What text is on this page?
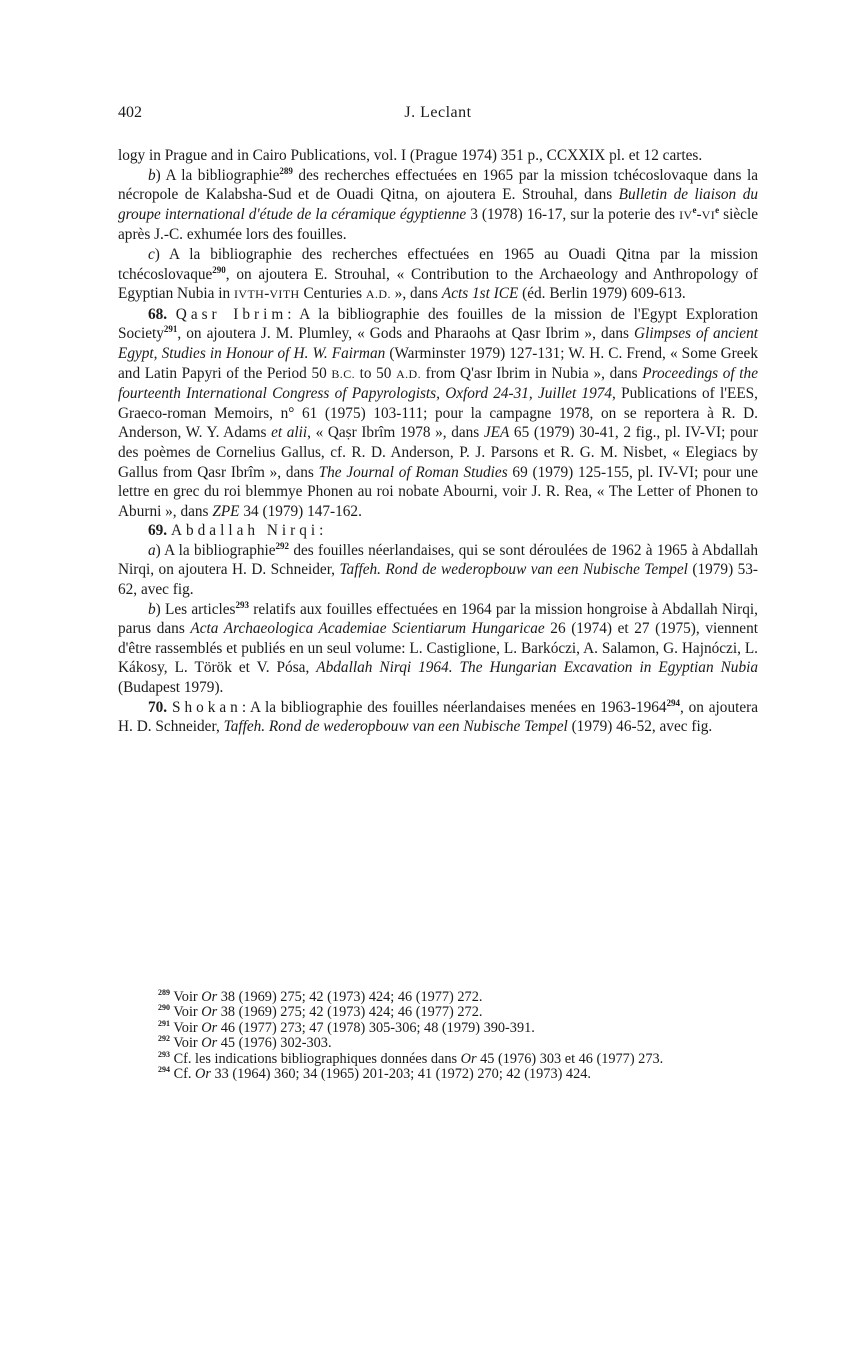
402	J. Leclant

logy in Prague and in Cairo Publications, vol. I (Prague 1974) 351 p., CCXXIX pl. et 12 cartes.

b) A la bibliographie$^{289}$ des recherches effectuées en 1965 par la mission tchécoslovaque dans la nécropole de Kalabsha-Sud et de Ouadi Qitna, on ajoutera E. Strouhal, dans Bulletin de liaison du groupe international d'étude de la céramique égyptienne 3 (1978) 16-17, sur la poterie des IVe-VIe siècle après J.-C. exhumée lors des fouilles.

c) A la bibliographie des recherches effectuées en 1965 au Ouadi Qitna par la mission tchécoslovaque$^{290}$, on ajoutera E. Strouhal, « Contribution to the Archaeology and Anthropology of Egyptian Nubia in IVTH-VITH Centuries A.D. », dans Acts 1st ICE (éd. Berlin 1979) 609-613.

68. Qasr Ibrim: A la bibliographie des fouilles de la mission de l'Egypt Exploration Society$^{291}$, on ajoutera J. M. Plumley, « Gods and Pharaohs at Qasr Ibrim », dans Glimpses of ancient Egypt, Studies in Honour of H. W. Fairman (Warminster 1979) 127-131; W. H. C. Frend, « Some Greek and Latin Papyri of the Period 50 B.C. to 50 A.D. from Q'asr Ibrim in Nubia », dans Proceedings of the fourteenth International Congress of Papyrologists, Oxford 24-31, Juillet 1974, Publications of l'EES, Graeco-roman Memoirs, n° 61 (1975) 103-111; pour la campagne 1978, on se reportera à R. D. Anderson, W. Y. Adams et alii, « Qaṣr Ibrîm 1978 », dans JEA 65 (1979) 30-41, 2 fig., pl. IV-VI; pour des poèmes de Cornelius Gallus, cf. R. D. Anderson, P. J. Parsons et R. G. M. Nisbet, « Elegiacs by Gallus from Qasr Ibrîm », dans The Journal of Roman Studies 69 (1979) 125-155, pl. IV-VI; pour une lettre en grec du roi blemmye Phonen au roi nobate Abourni, voir J. R. Rea, « The Letter of Phonen to Aburni », dans ZPE 34 (1979) 147-162.

69. Abdallah Nirqi:

a) A la bibliographie$^{292}$ des fouilles néerlandaises, qui se sont déroulées de 1962 à 1965 à Abdallah Nirqi, on ajoutera H. D. Schneider, Taffeh. Rond de wederopbouw van een Nubische Tempel (1979) 53-62, avec fig.

b) Les articles$^{293}$ relatifs aux fouilles effectuées en 1964 par la mission hongroise à Abdallah Nirqi, parus dans Acta Archaeologica Academiae Scientiarum Hungaricae 26 (1974) et 27 (1975), viennent d'être rassemblés et publiés en un seul volume: L. Castiglione, L. Barkóczi, A. Salamon, G. Hajnóczi, L. Kákosy, L. Török et V. Pósa, Abdallah Nirqi 1964. The Hungarian Excavation in Egyptian Nubia (Budapest 1979).

70. Shokan: A la bibliographie des fouilles néerlandaises menées en 1963-1964$^{294}$, on ajoutera H. D. Schneider, Taffeh. Rond de wederopbouw van een Nubische Tempel (1979) 46-52, avec fig.

$^{289}$ Voir Or 38 (1969) 275; 42 (1973) 424; 46 (1977) 272.

$^{290}$ Voir Or 38 (1969) 275; 42 (1973) 424; 46 (1977) 272.

$^{291}$ Voir Or 46 (1977) 273; 47 (1978) 305-306; 48 (1979) 390-391.

$^{292}$ Voir Or 45 (1976) 302-303.

$^{293}$ Cf. les indications bibliographiques données dans Or 45 (1976) 303 et 46 (1977) 273.

$^{294}$ Cf. Or 33 (1964) 360; 34 (1965) 201-203; 41 (1972) 270; 42 (1973) 424.
